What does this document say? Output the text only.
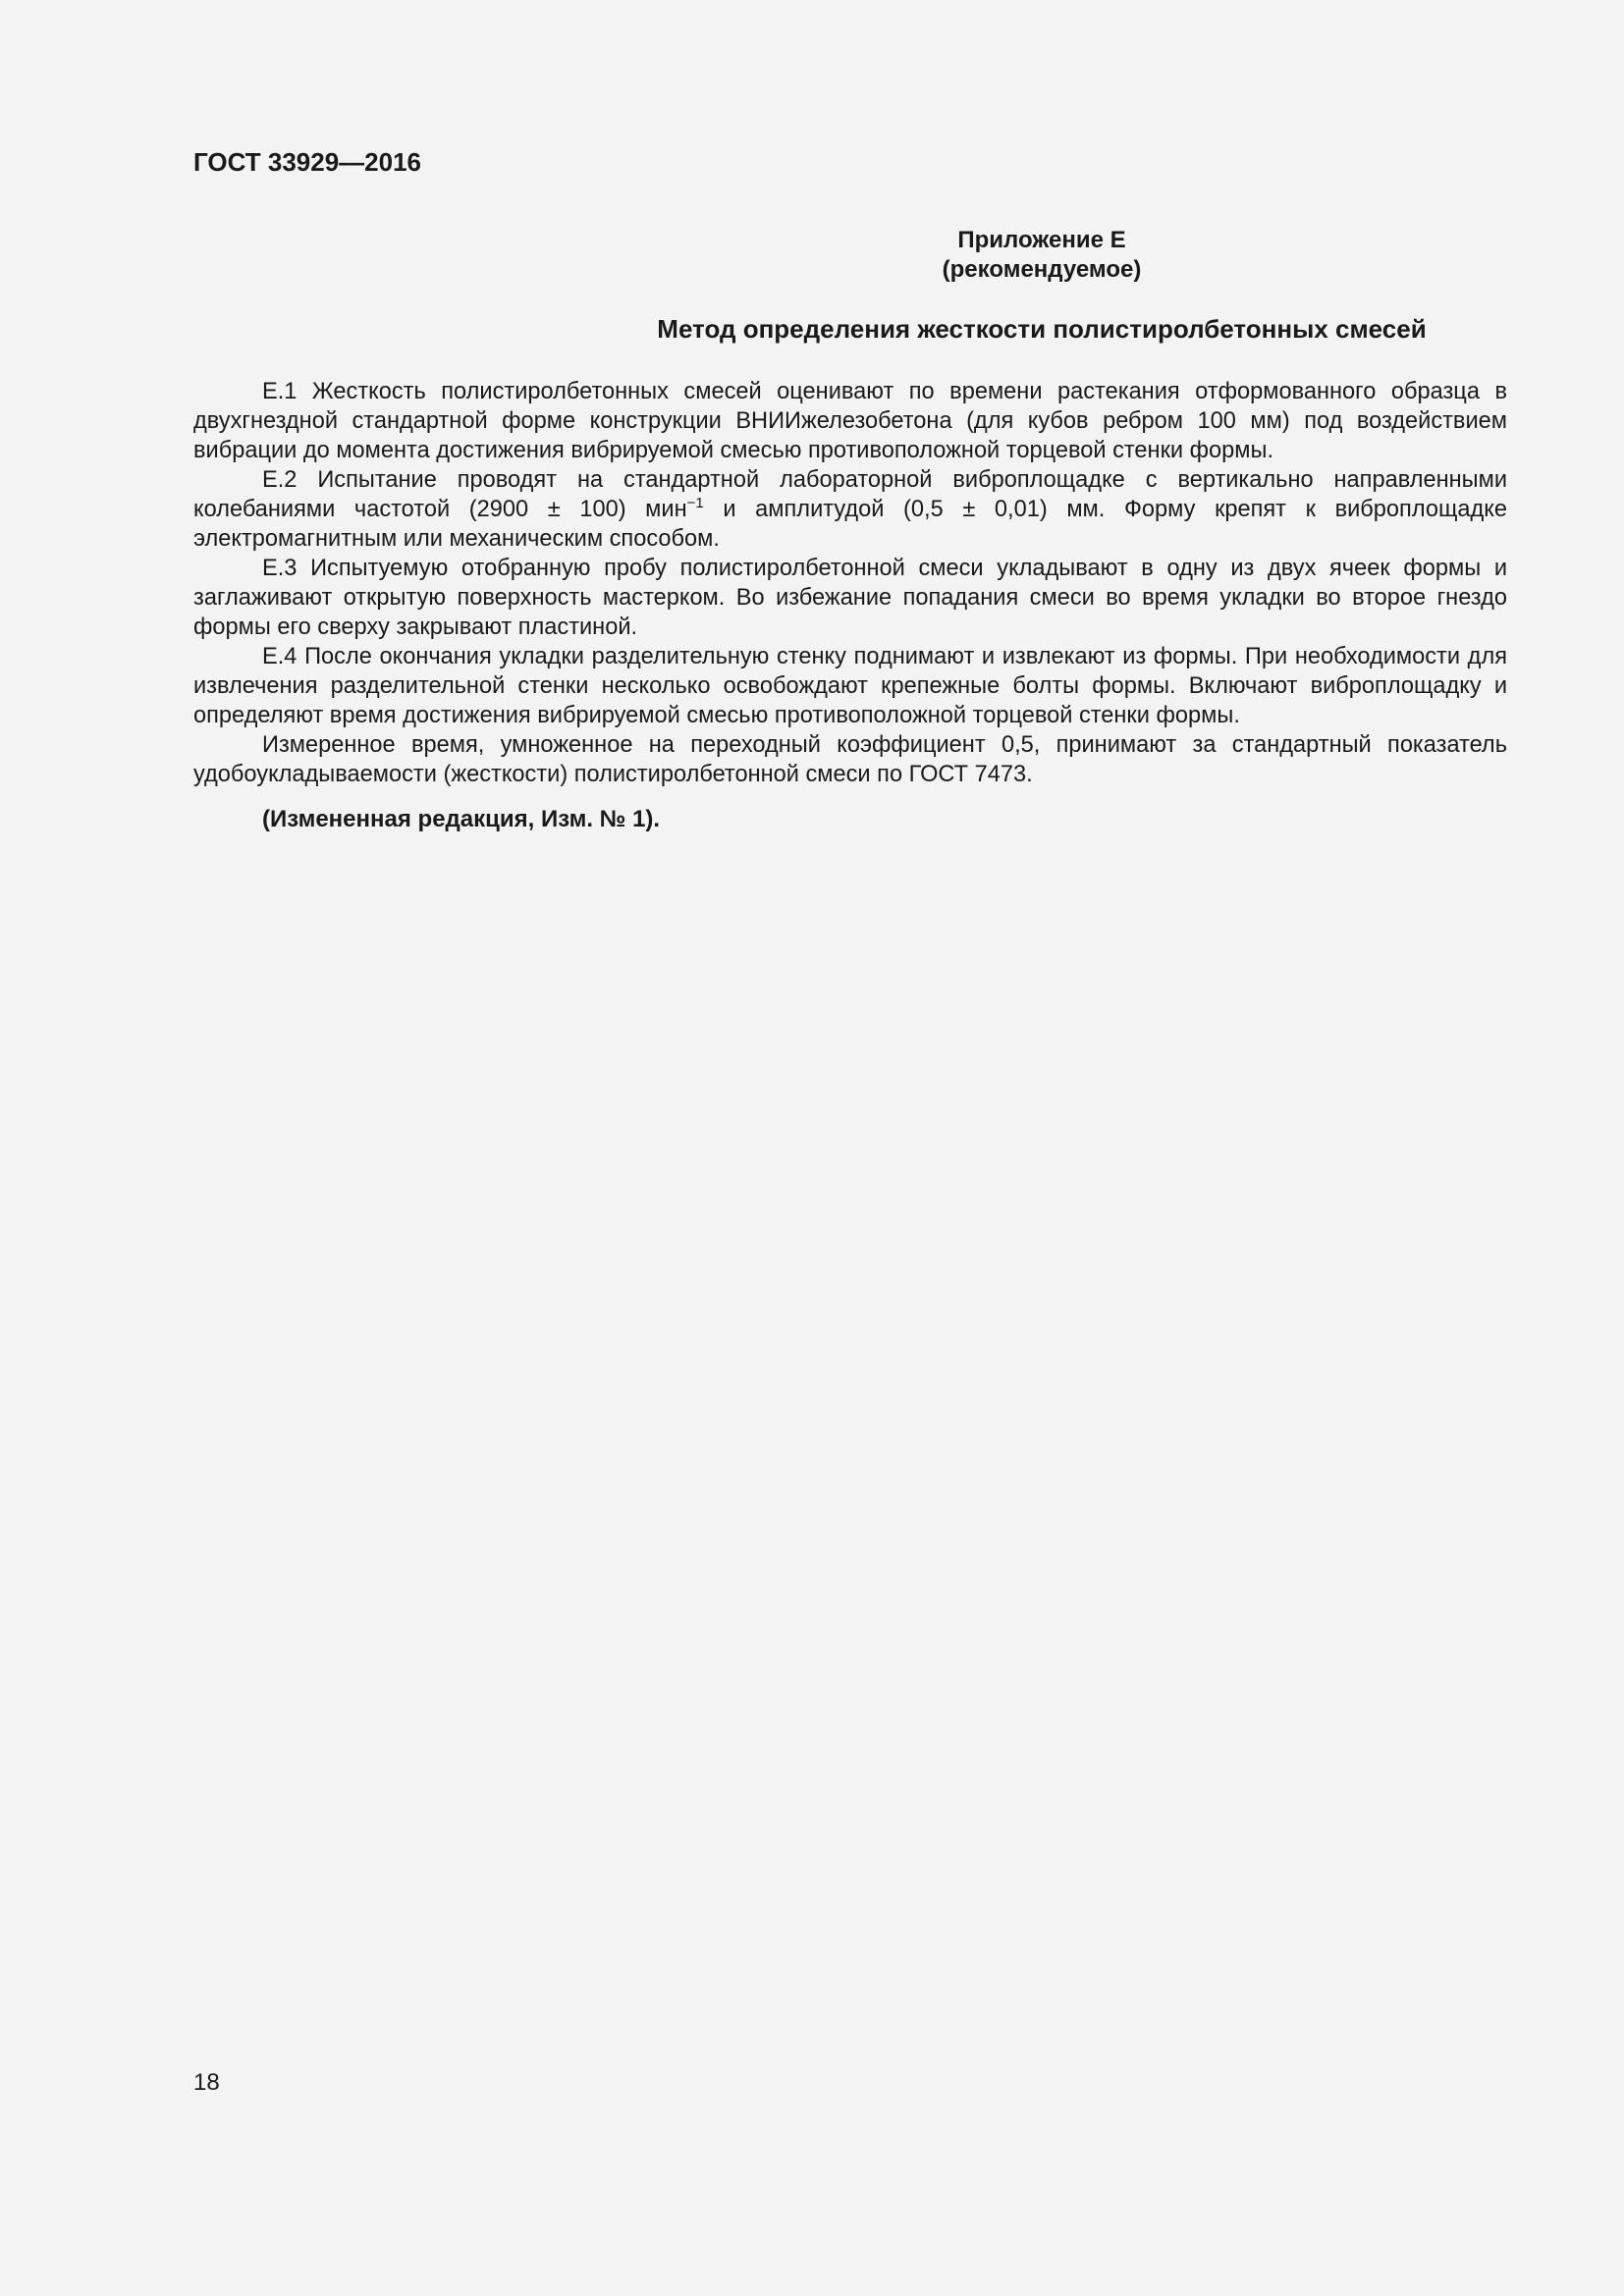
ГОСТ 33929—2016
Приложение Е
(рекомендуемое)
Метод определения жесткости полистиролбетонных смесей

Е.1 Жесткость полистиролбетонных смесей оценивают по времени растекания отформованного образца в двухгнездной стандартной форме конструкции ВНИИжелезобетона (для кубов ребром 100 мм) под воздействием вибрации до момента достижения вибрируемой смесью противоположной торцевой стенки формы.

Е.2 Испытание проводят на стандартной лабораторной виброплощадке с вертикально направленными колебаниями частотой (2900 ± 100) мин$^{-1}$ и амплитудой (0,5 ± 0,01) мм. Форму крепят к виброплощадке электромагнитным или механическим способом.

Е.3 Испытуемую отобранную пробу полистиролбетонной смеси укладывают в одну из двух ячеек формы и заглаживают открытую поверхность мастерком. Во избежание попадания смеси во время укладки во второе гнездо формы его сверху закрывают пластиной.

Е.4 После окончания укладки разделительную стенку поднимают и извлекают из формы. При необходимости для извлечения разделительной стенки несколько освобождают крепежные болты формы. Включают виброплощадку и определяют время достижения вибрируемой смесью противоположной торцевой стенки формы.

Измеренное время, умноженное на переходный коэффициент 0,5, принимают за стандартный показатель удобоукладываемости (жесткости) полистиролбетонной смеси по ГОСТ 7473.

(Измененная редакция, Изм. № 1).

18
